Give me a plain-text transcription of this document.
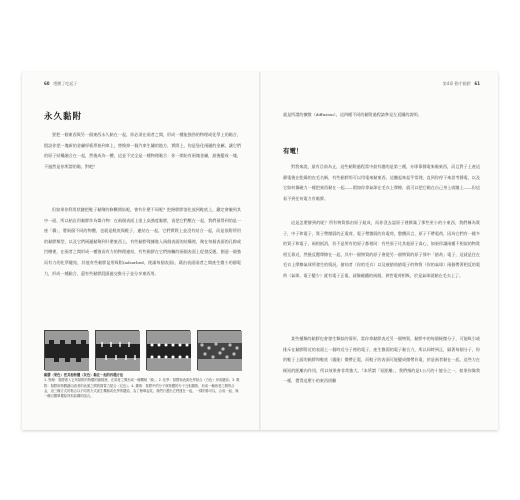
60 嗯酸了吃起子
永久黏附

要把一個東西與另一個東西永久黏在一起，你必須在兩者之間，形成一種能強勁的物理或化學上的黏合，假設你把一塊新的金屬厚板焊接到車上，替換掉一個汽車生鏽的地方，實際上，你是慫化兩邊的金屬，讓它們的原子結構融合在一起，然後成為一體，這並不完全是一種物理黏合：你一開始有兩塊金屬，最後變成一塊，不過然是你所謂的黏，對吧？

但如果你利用狀鏈把鞋子黏劑的修鞭開始呢，會有什麼不同呢？把修膠膠溶化放到鞋底上，鐵定會撤到其中一面，所以粘匠用黏膠作為媒介物：在兩個表面上塗上高強度黏膠，再把它們壓在一起，我們預得到的是一座「橋」，將兩個不同的物體，也就是鞋底與鞋子，連結在一起，它們實際上並沒有結合一起，而是依附所用的黏膠類型，以及它們兩邊黏劑到什麼東西上，有些黏膠殘據進入兩個表面的結構裡，夠在每個表面的孔隙或凹槽裡，在兩者之間形成一種強而有力的物理連結，有些黏膠在它們接觸的兩個表面上促發反應，創造一個強而有力的化學鍵結，其他有些黏膠是用吸附(adsorbed，使滿每個表面)，藉由表面兩者之間產生微小的靜電力，形成一種黏合，還有些黏膠混匯過交換分子並分享東西用。

黏膠（果色）把其他物體（灰色）黏在一起的四種方法
1. 物理：黏膠滲入它所黏附的物體的縫隙裡，在兩者之間形成一種機械「錨」；2. 化學：黏膠與表面化學黏合（白色）形成鍵結；3. 吸附：黏膠和物體藉由兩者的表面之間的靜電力黏合（紅色）；4. 擴散：黏膠中的分子與物體的分子互相擴散，形成一種兩者之間的合金，這三種方式的黏合以不同的方式產生機械或化學的鍵結，為了簡單起見，我們只畫出它們連在一起，一樣的都可以，合成一起，與一種自體單獨原材料結構的組合。

第4章 動手黏膠 61

就是所謂的擴散（diffusion），這四種不同的黏附過程請參見左頁圖的說明。

有電！

對我來說，最有目前為止，這些黏附過程當中最有趣的是第三種，亦即靠靜電來黏東西，而且對子上產這靜電後在乾燥的皮毛名稱，有些黏膠用可以用電來黏東西，這聽起來起乎常理，直到你停下來思考靜電，以及它如何像磁力一樣把東西黏在一起——假如你拿氣球在毛衣上摩擦，就可以把它黏在自己身上或牆上——但這看不到任何電力有黏膠。

這是怎麼辦到的呢？所有物質都由原子組成，而你沒去認原子裡擠滿了那些更小的小東西，我們稱為質子，中子和電子，質子帶微弱的正電荷，電子帶微弱的負電荷，整體而言，原子不帶電荷，因為它們有一樣多的質子和電子，兩相抵消，但不是所有的原子都相同：有些原子比其他原子貪心，如果你讓兩種不相似的物質相互靠近，然後反覆摩擦在一起，其中一個物質的原子會從另一個物質的原子那中「搶劫」電子，這就是住在毛衣上摩擦氣球所發生的情況，搶劫者（你的毛衣）以及被搶劫搶電子的物質（你的氣球）兩個帶著相反的電荷（氣球，電子變少）就有電子正電，就像磁鐵的兩個，異性電荷相吸，於是氣球就黏在毛衣上了。

某些種類的黏膠也會發生類似的情形，當你拿黏膠表近另一個物質，黏膠中的每個極微分子，可能吸引或排斥在黏膠附近的表面上一個時近分子裡的電子，產生微弱的電子黏合力，所以同時到正，隔著每個分子，你的鞋子上面的黏膠和鞋底（靈能）微帶正電，而鞋子的表面可能變成微帶負電，於是兩者黏在一起，這些力在極短的距離內作用，所以效果會非常強大。『本所謂「短距離」，我們指的是1公尺的十億分之一，如果你像我一樣，覺得這麼小的東西困難
